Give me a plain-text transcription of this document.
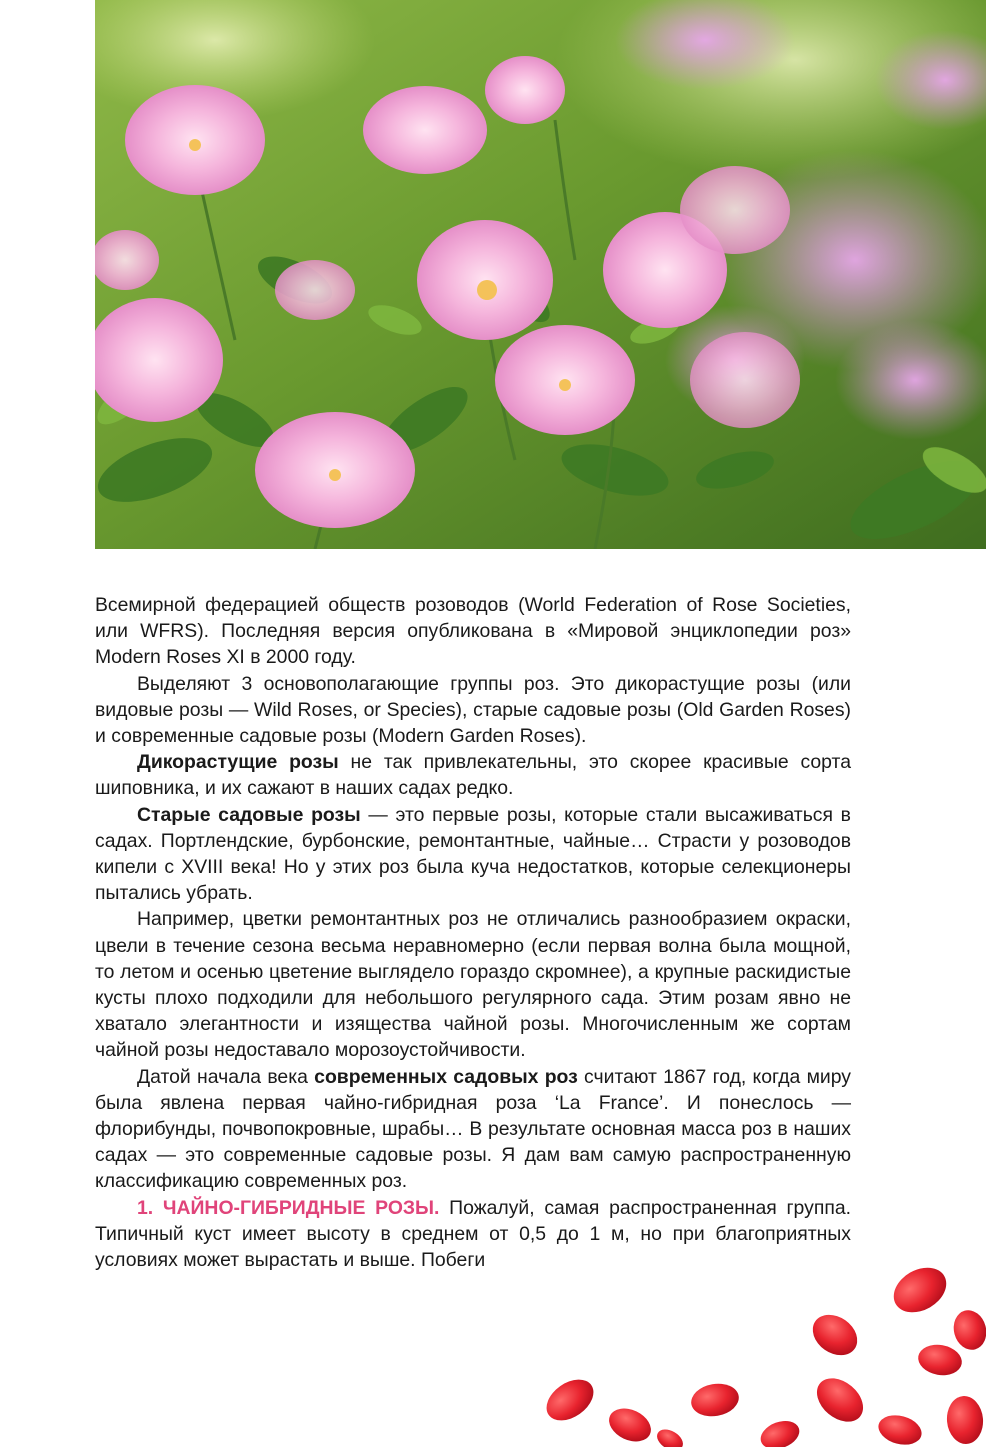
Всемирной федерацией обществ розоводов (World Federation of Rose Societies, или WFRS). Последняя версия опубликована в «Мировой энциклопедии роз» Modern Roses XI в 2000 году.

Выделяют 3 основополагающие группы роз. Это дикорастущие розы (или видовые розы — Wild Roses, or Species), старые садовые розы (Old Garden Roses) и современные садовые розы (Modern Garden Roses).

Дикорастущие розы не так привлекательны, это скорее красивые сорта шиповника, и их сажают в наших садах редко.

Старые садовые розы — это первые розы, которые стали высаживаться в садах. Портлендские, бурбонские, ремонтантные, чайные… Страсти у розоводов кипели с XVIII века! Но у этих роз была куча недостатков, которые селекционеры пытались убрать.

Например, цветки ремонтантных роз не отличались разнообразием окраски, цвели в течение сезона весьма неравномерно (если первая волна была мощной, то летом и осенью цветение выглядело гораздо скромнее), а крупные раскидистые кусты плохо подходили для небольшого регулярного сада. Этим розам явно не хватало элегантности и изящества чайной розы. Многочисленным же сортам чайной розы недоставало морозоустойчивости.

Датой начала века современных садовых роз считают 1867 год, когда миру была явлена первая чайно-гибридная роза ‘La France’. И понеслось — флорибунды, почвопокровные, шрабы… В результате основная масса роз в наших садах — это современные садовые розы. Я дам вам самую распространенную классификацию современных роз.

1. ЧАЙНО-ГИБРИДНЫЕ РОЗЫ. Пожалуй, самая распространенная группа. Типичный куст имеет высоту в среднем от 0,5 до 1 м, но при благоприятных условиях может вырастать и выше. Побеги
